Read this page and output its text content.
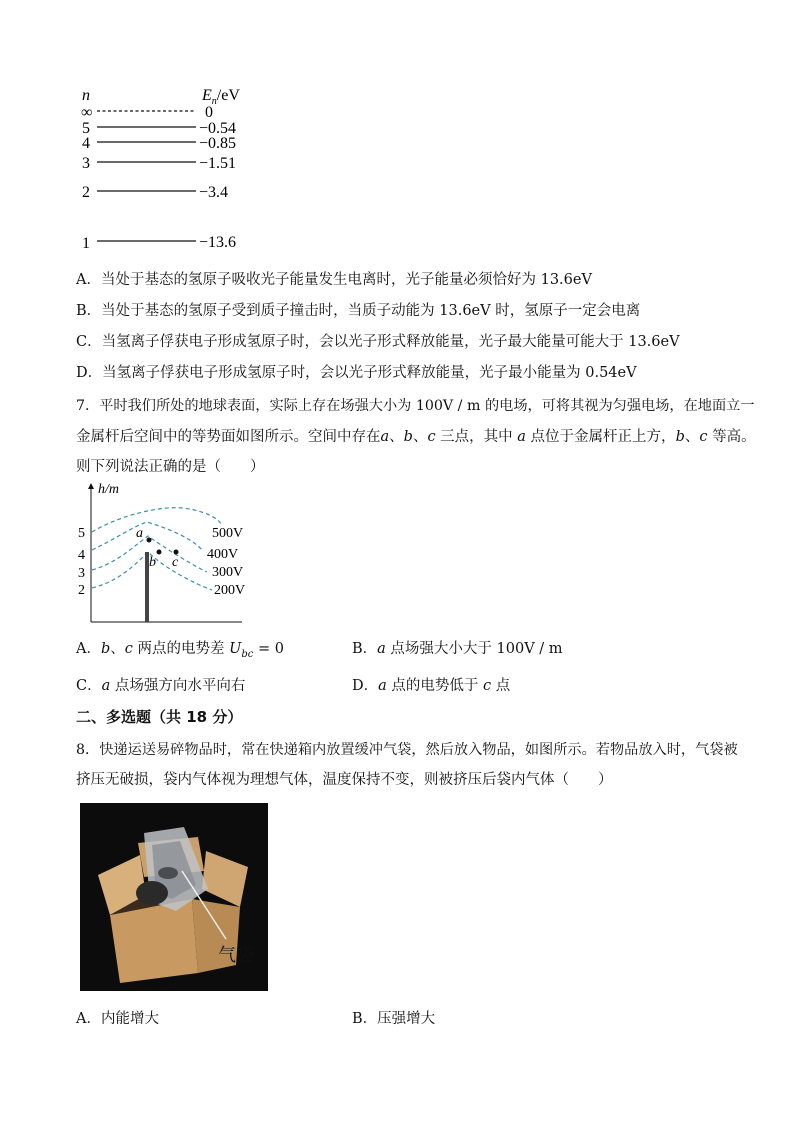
n	$E_n/eV$
∞	0
5	−0.54
4	−0.85
3	−1.51
2	−3.4
1	−13.6
A．当处于基态的氢原子吸收光子能量发生电离时，光子能量必须恰好为 13.6eV
B．当处于基态的氢原子受到质子撞击时，当质子动能为 13.6eV 时，氢原子一定会电离
C．当氢离子俘获电子形成氢原子时，会以光子形式释放能量，光子最大能量可能大于 13.6eV
D．当氢离子俘获电子形成氢原子时，会以光子形式释放能量，光子最小能量为 0.54eV
7．平时我们所处的地球表面，实际上存在场强大小为 100V / m 的电场，可将其视为匀强电场，在地面立一
金属杆后空间中的等势面如图所示。空间中存在a、b、c 三点，其中 a 点位于金属杆正上方，b、c 等高。
则下列说法正确的是（　　）
h/m
5
4
3
2
a
b c
500V
400V
300V
200V
A．b、c 两点的电势差 $U_{bc} = 0$	B．a 点场强大小大于 100V / m
C．a 点场强方向水平向右	D．a 点的电势低于 c 点
二、多选题（共 18 分）
8．快递运送易碎物品时，常在快递箱内放置缓冲气袋，然后放入物品，如图所示。若物品放入时，气袋被
挤压无破损，袋内气体视为理想气体，温度保持不变，则被挤压后袋内气体（　　）
气袋
A．内能增大	B．压强增大
